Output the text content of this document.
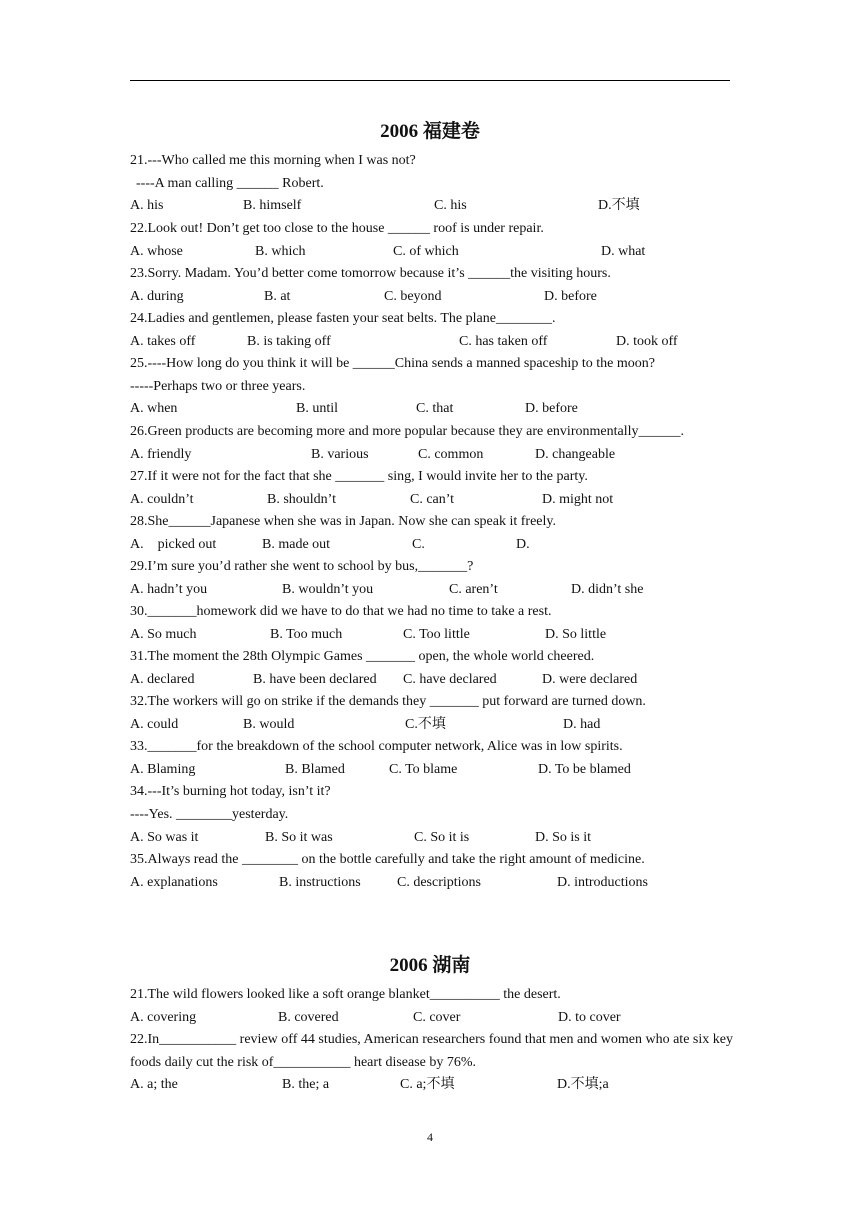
2006 福建卷
21.---Who called me this morning when I was not?
----A man calling ______ Robert.
A. his	B. himself	C. his	D.不填
22.Look out! Don’t get too close to the house ______ roof is under repair.
A. whose	B. which	C. of which	D. what
23.Sorry. Madam. You’d better come tomorrow because it’s ______the visiting hours.
A. during	B. at	C. beyond	D. before
24.Ladies and gentlemen, please fasten your seat belts. The plane________.
A. takes off	B. is taking off	C. has taken off	D. took off
25.----How long do you think it will be ______China sends a manned spaceship to the moon?
-----Perhaps two or three years.
A. when	B. until	C. that	D. before
26.Green products are becoming more and more popular because they are environmentally______.
A. friendly	B. various	C. common	D. changeable
27.If it were not for the fact that she _______ sing, I would invite her to the party.
A. couldn’t	B. shouldn’t	C. can’t	D. might not
28.She______Japanese when she was in Japan. Now she can speak it freely.
A.    picked out	B. made out	C.	D.
29.I’m sure you’d rather she went to school by bus,_______?
A. hadn’t you	B. wouldn’t you	C. aren’t	D. didn’t she
30._______homework did we have to do that we had no time to take a rest.
A. So much	B. Too much	C. Too little	D. So little
31.The moment the 28th Olympic Games _______ open, the whole world cheered.
A. declared	B. have been declared C. have declared	D. were declared
32.The workers will go on strike if the demands they _______ put forward are turned down.
A. could	B. would	C.不填	D. had
33._______for the breakdown of the school computer network, Alice was in low spirits.
A. Blaming	B. Blamed	C. To blame	D. To be blamed
34.---It’s burning hot today, isn’t it?
----Yes. ________yesterday.
A. So was it	B. So it was	C. So it is	D. So is it
35.Always read the ________ on the bottle carefully and take the right amount of medicine.
A. explanations	B. instructions	C. descriptions	D. introductions
2006 湖南
21.The wild flowers looked like a soft orange blanket__________ the desert.
A. covering	B. covered	C. cover	D. to cover
22.In___________ review off 44 studies, American researchers found that men and women who ate six key foods daily cut the risk of___________ heart disease by 76%.
A. a; the	B. the; a	C. a;不填	D.不填;a
4
